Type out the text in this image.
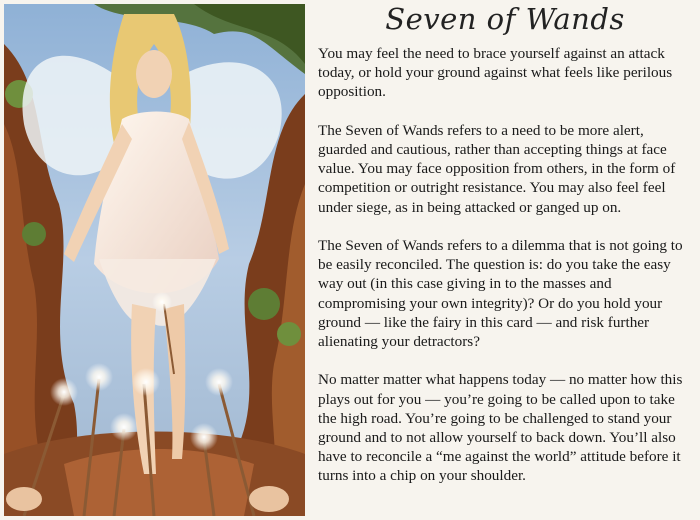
Seven of Wands

You may feel the need to brace yourself against an attack today, or hold your ground against what feels like perilous opposition.

The Seven of Wands refers to a need to be more alert, guarded and cautious, rather than accepting things at face value. You may face opposition from others, in the form of competition or outright resistance. You may also feel feel under siege, as in being attacked or ganged up on.

The Seven of Wands refers to a dilemma that is not going to be easily reconciled. The question is: do you take the easy way out (in this case giving in to the masses and compromising your own integrity)? Or do you hold your ground — like the fairy in this card — and risk further alienating your detractors?

No matter matter what happens today — no matter how this plays out for you — you’re going to be called upon to take the high road. You’re going to be challenged to stand your ground and to not allow yourself to back down. You’ll also have to reconcile a “me against the world” attitude before it turns into a chip on your shoulder.
